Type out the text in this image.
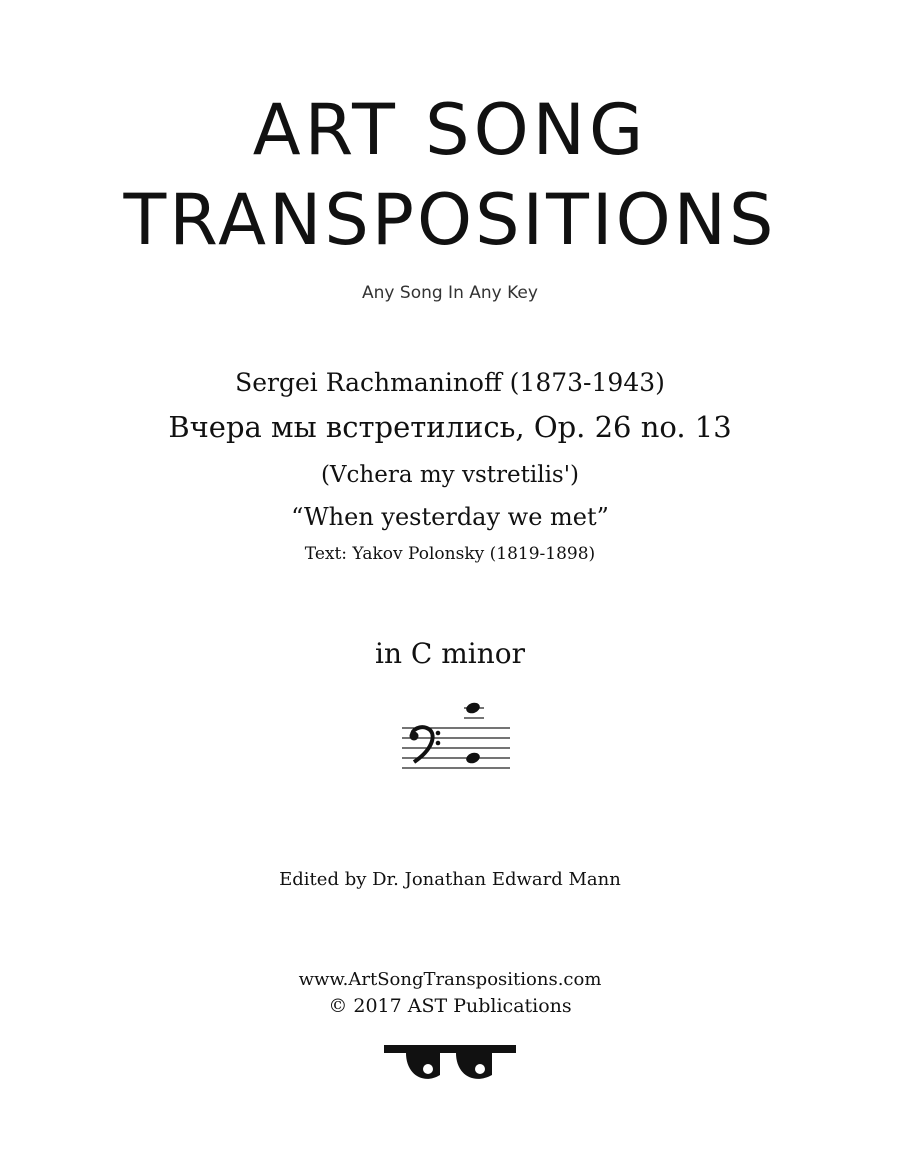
ART SONG
TRANSPOSITIONS
Any Song In Any Key
Sergei Rachmaninoff (1873-1943)
Вчера мы встретились, Op. 26 no. 13
(Vchera my vstretilis')
“When yesterday we met”
Text: Yakov Polonsky (1819-1898)
in C minor
Edited by Dr. Jonathan Edward Mann
www.ArtSongTranspositions.com
© 2017 AST Publications
